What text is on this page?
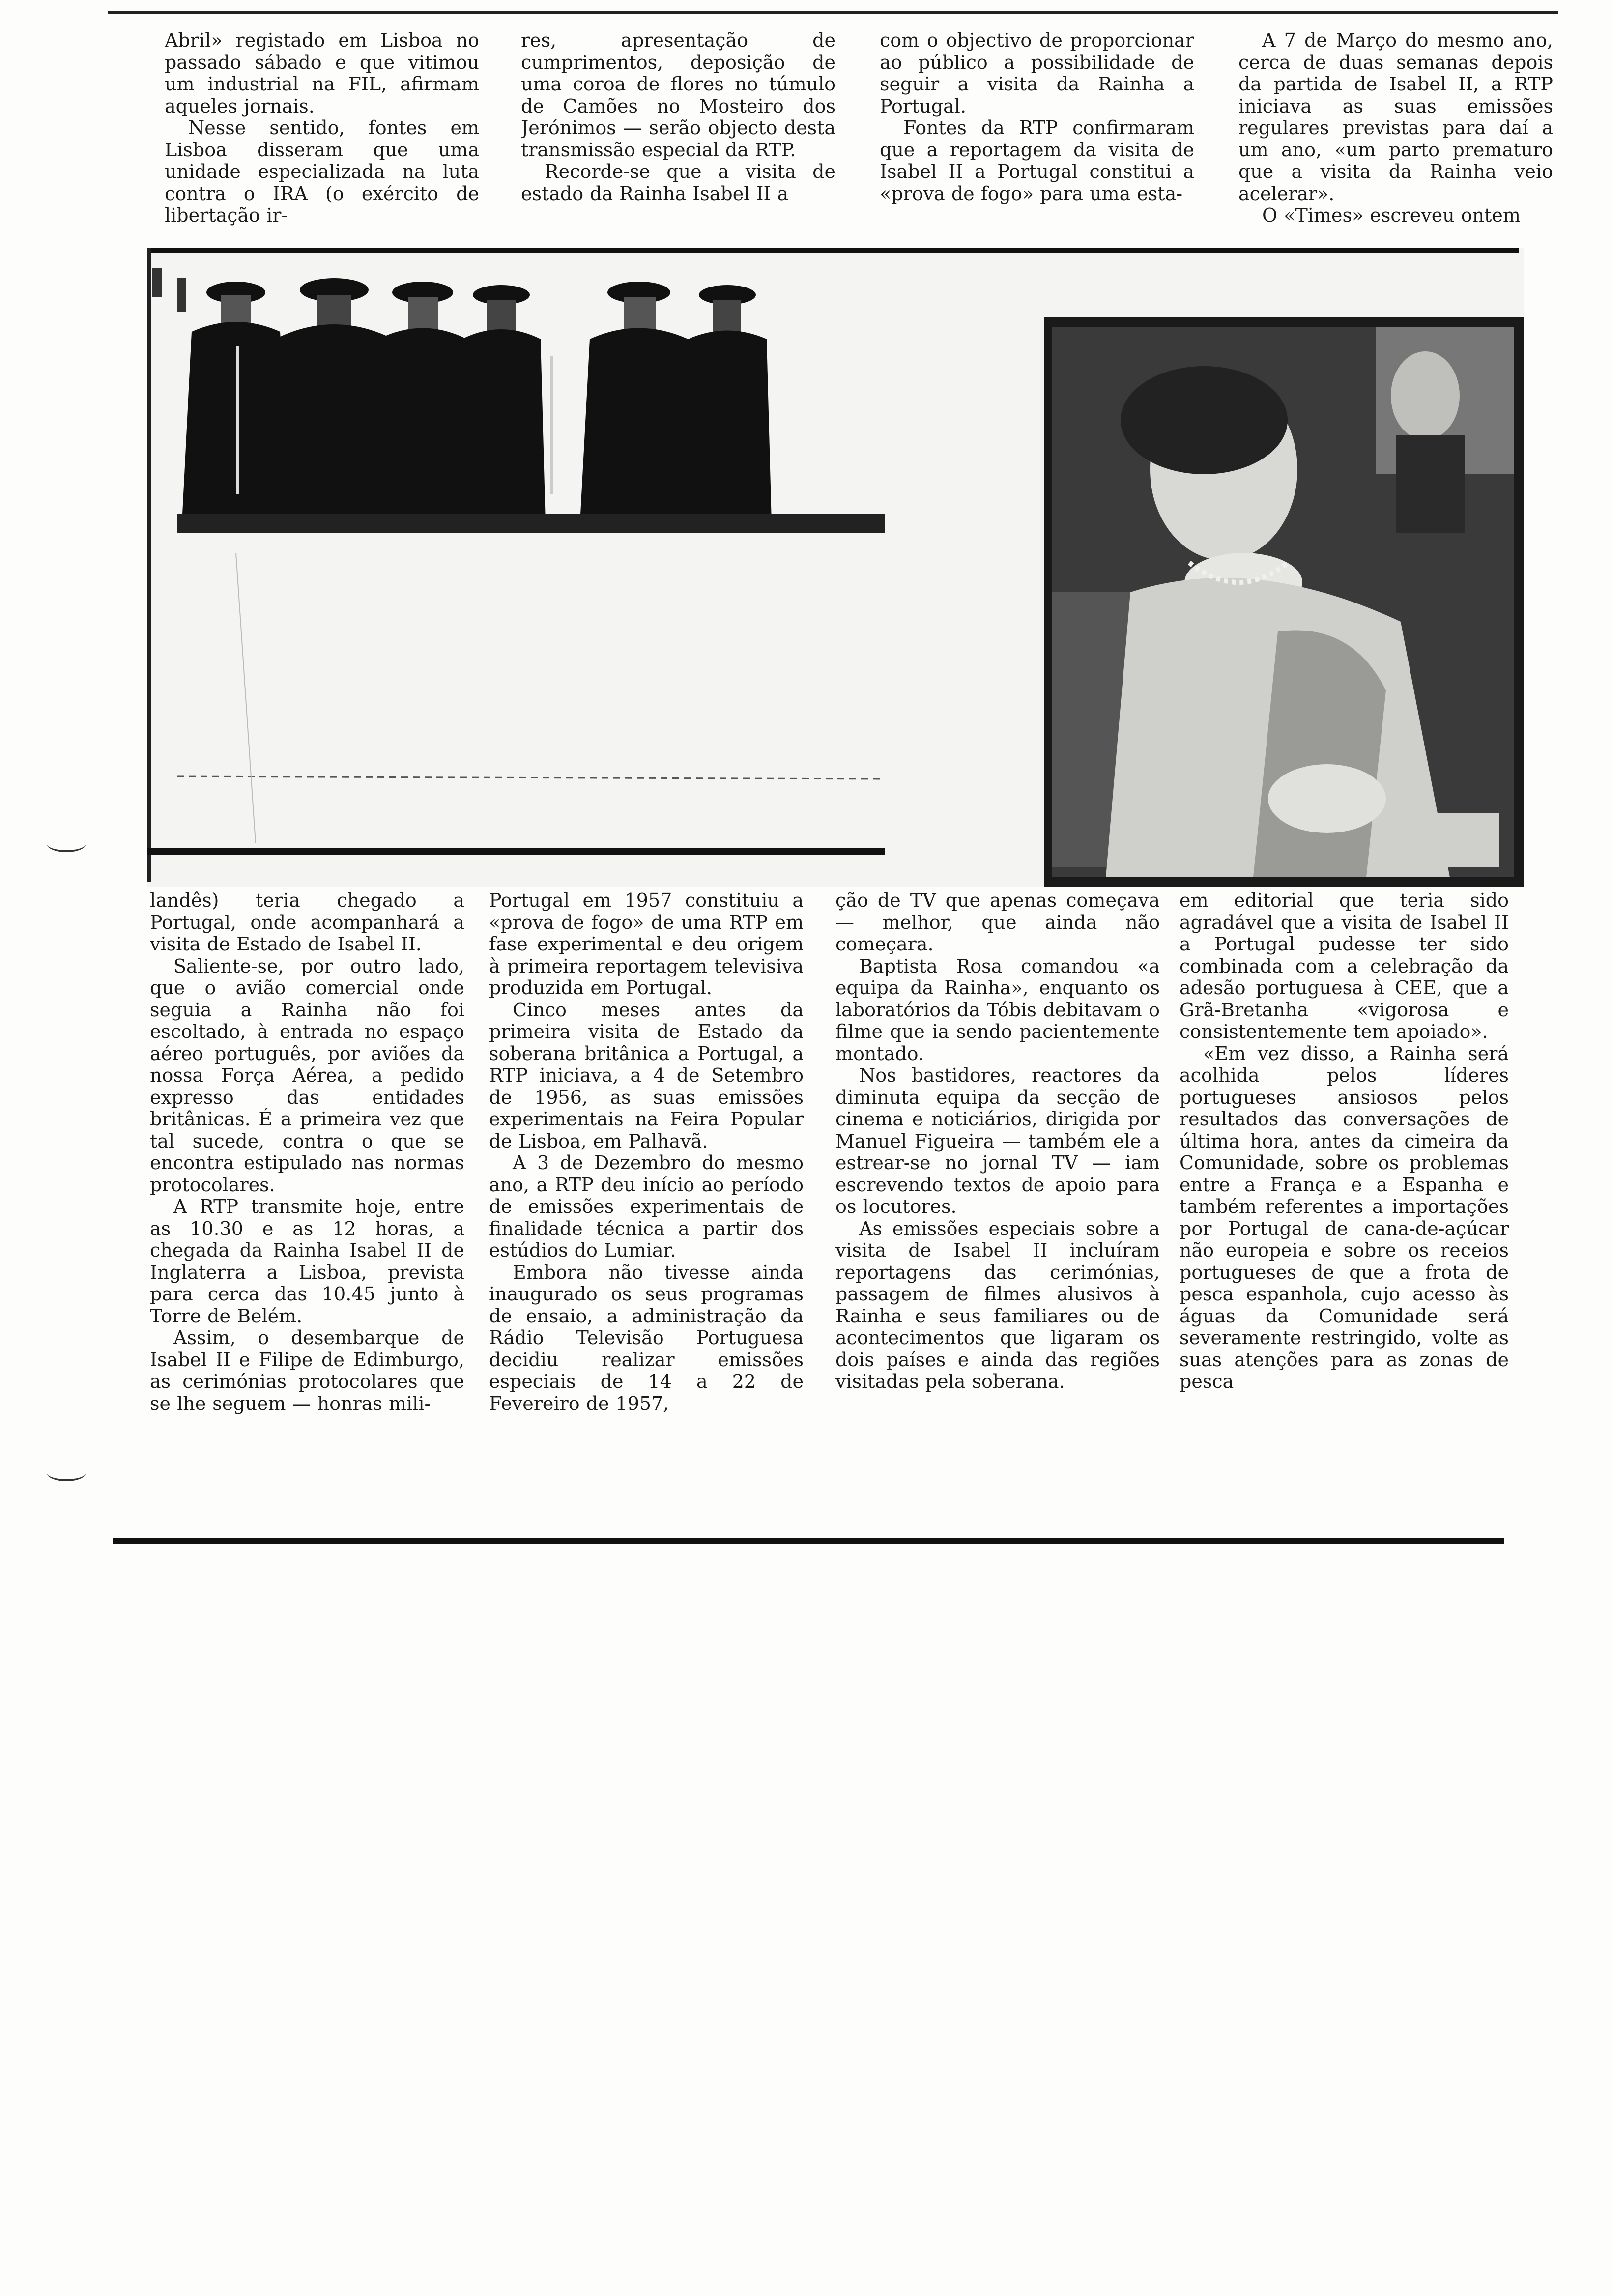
Abril» registado em Lisboa no passado sábado e que vitimou um industrial na FIL, afirmam aqueles jornais.

Nesse sentido, fontes em Lisboa disseram que uma unidade especializada na luta contra o IRA (o exército de libertação ir-

res, apresentação de cumprimentos, deposição de uma coroa de flores no túmulo de Camões no Mosteiro dos Jerónimos — serão objecto desta transmissão especial da RTP.

Recorde-se que a visita de estado da Rainha Isabel II a

com o objectivo de proporcionar ao público a possibilidade de seguir a visita da Rainha a Portugal.

Fontes da RTP confirmaram que a reportagem da visita de Isabel II a Portugal constitui a «prova de fogo» para uma esta-

A 7 de Março do mesmo ano, cerca de duas semanas depois da partida de Isabel II, a RTP iniciava as suas emissões regulares previstas para daí a um ano, «um parto prematuro que a visita da Rainha veio acelerar».

O «Times» escreveu ontem

landês) teria chegado a Portugal, onde acompanhará a visita de Estado de Isabel II.

Saliente-se, por outro lado, que o avião comercial onde seguia a Rainha não foi escoltado, à entrada no espaço aéreo português, por aviões da nossa Força Aérea, a pedido expresso das entidades britânicas. É a primeira vez que tal sucede, contra o que se encontra estipulado nas normas protocolares.

A RTP transmite hoje, entre as 10.30 e as 12 horas, a chegada da Rainha Isabel II de Inglaterra a Lisboa, prevista para cerca das 10.45 junto à Torre de Belém.

Assim, o desembarque de Isabel II e Filipe de Edimburgo, as cerimónias protocolares que se lhe seguem — honras mili-

Portugal em 1957 constituiu a «prova de fogo» de uma RTP em fase experimental e deu origem à primeira reportagem televisiva produzida em Portugal.

Cinco meses antes da primeira visita de Estado da soberana britânica a Portugal, a RTP iniciava, a 4 de Setembro de 1956, as suas emissões experimentais na Feira Popular de Lisboa, em Palhavã.

A 3 de Dezembro do mesmo ano, a RTP deu início ao período de emissões experimentais de finalidade técnica a partir dos estúdios do Lumiar.

Embora não tivesse ainda inaugurado os seus programas de ensaio, a administração da Rádio Televisão Portuguesa decidiu realizar emissões especiais de 14 a 22 de Fevereiro de 1957,

ção de TV que apenas começava — melhor, que ainda não começara.

Baptista Rosa comandou «a equipa da Rainha», enquanto os laboratórios da Tóbis debitavam o filme que ia sendo pacientemente montado.

Nos bastidores, reactores da diminuta equipa da secção de cinema e noticiários, dirigida por Manuel Figueira — também ele a estrear-se no jornal TV — iam escrevendo textos de apoio para os locutores.

As emissões especiais sobre a visita de Isabel II incluíram reportagens das cerimónias, passagem de filmes alusivos à Rainha e seus familiares ou de acontecimentos que ligaram os dois países e ainda das regiões visitadas pela soberana.

em editorial que teria sido agradável que a visita de Isabel II a Portugal pudesse ter sido combinada com a celebração da adesão portuguesa à CEE, que a Grã-Bretanha «vigorosa e consistentemente tem apoiado».

«Em vez disso, a Rainha será acolhida pelos líderes portugueses ansiosos pelos resultados das conversações de última hora, antes da cimeira da Comunidade, sobre os problemas entre a França e a Espanha e também referentes a importações por Portugal de cana-de-açúcar não europeia e sobre os receios portugueses de que a frota de pesca espanhola, cujo acesso às águas da Comunidade será severamente restringido, volte as suas atenções para as zonas de pesca
